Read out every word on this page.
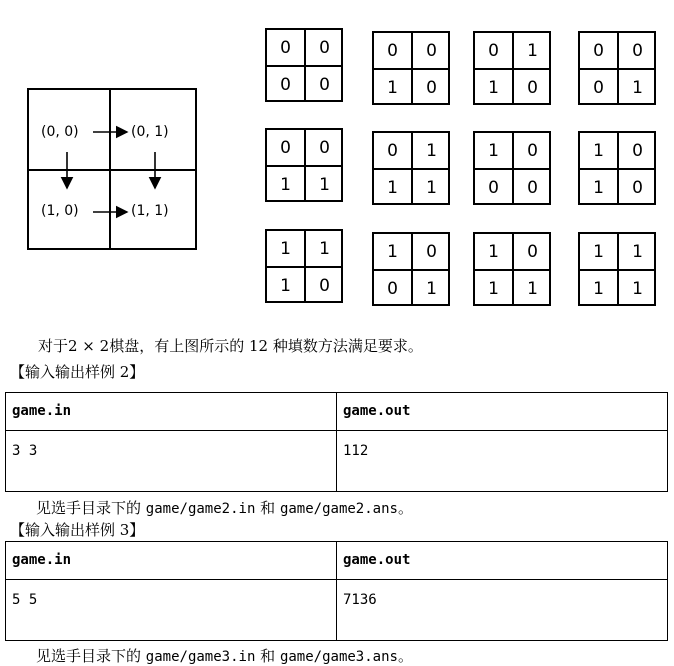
(0, 0)	(0, 1)
(1, 0)	(1, 1)
0	0
0	0
0	0
1	0
0	1
1	0
0	0
0	1
0	0
1	1
0	1
1	1
1	0
0	0
1	0
1	0
1	1
1	0
1	0
0	1
1	0
1	1
1	1
1	1
对于2 × 2棋盘，有上图所示的 12 种填数方法满足要求。
【输入输出样例 2】
game.in	game.out
3 3	112
见选手目录下的 game/game2.in 和 game/game2.ans。
【输入输出样例 3】
game.in	game.out
5 5	7136
见选手目录下的 game/game3.in 和 game/game3.ans。
